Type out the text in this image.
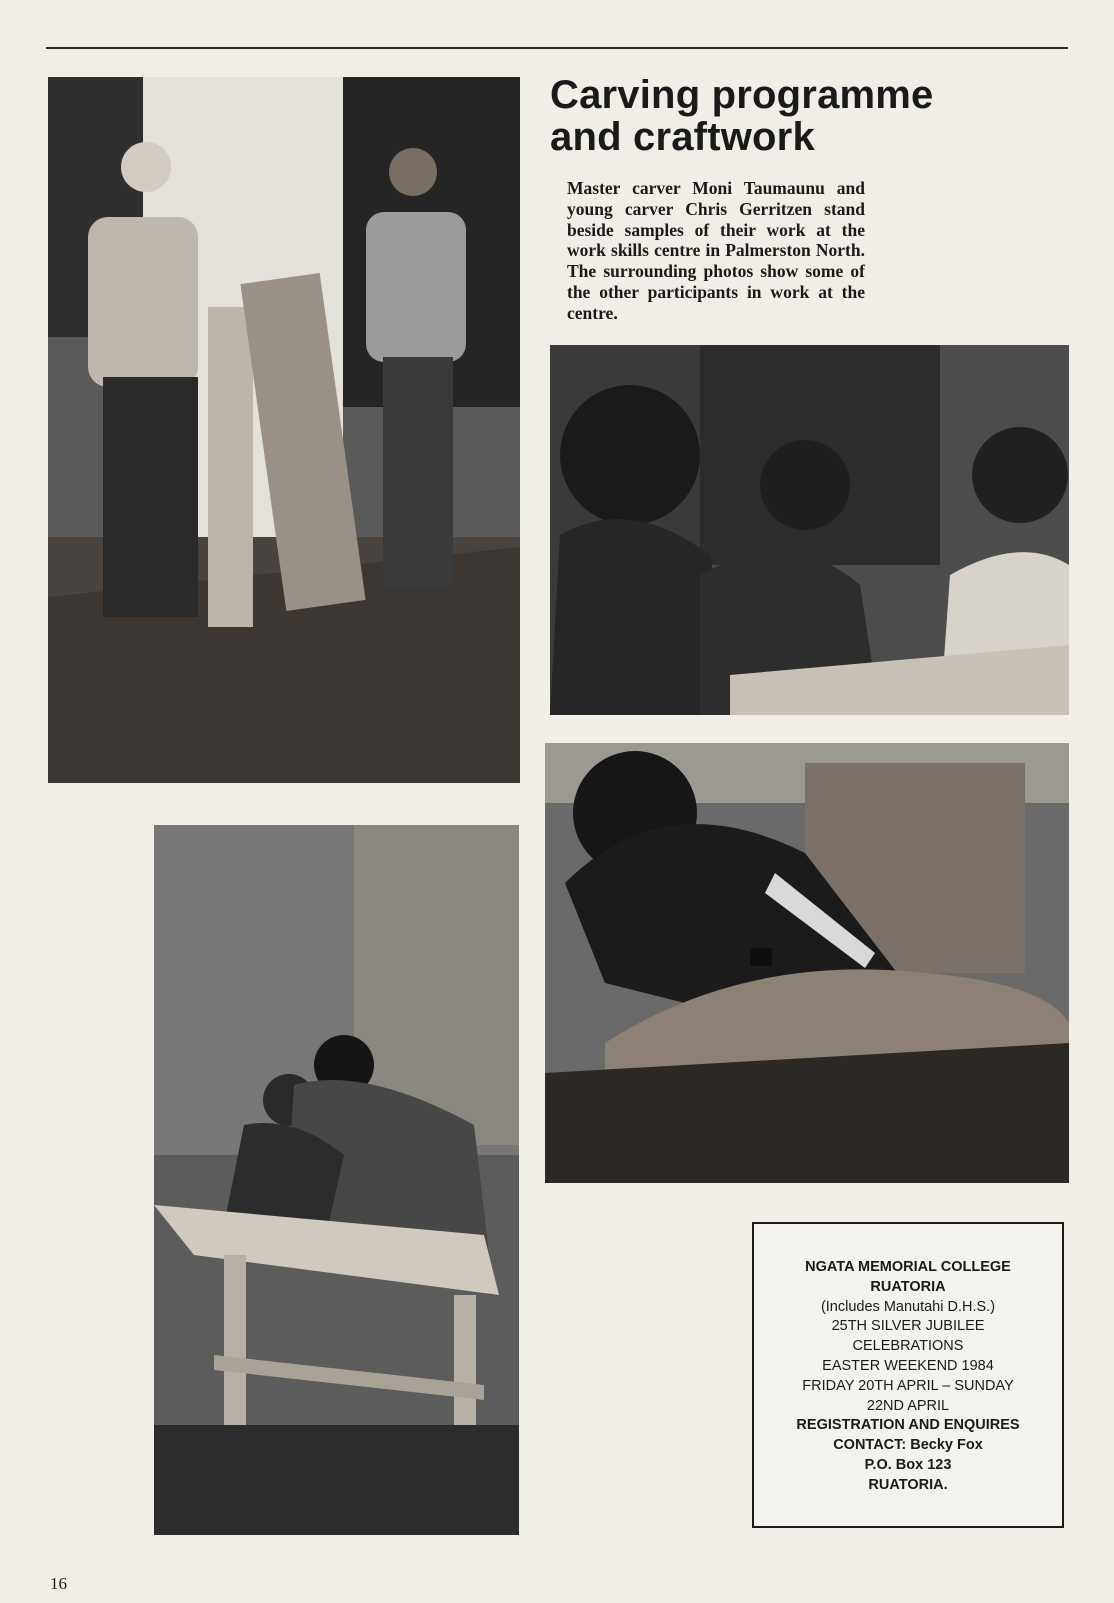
Carving programme
and craftwork

Master carver Moni Taumaunu and young carver Chris Gerritzen stand beside samples of their work at the work skills centre in Palmerston North. The surrounding photos show some of the other participants in work at the centre.

NGATA MEMORIAL COLLEGE
RUATORIA
(Includes Manutahi D.H.S.)
25TH SILVER JUBILEE
CELEBRATIONS
EASTER WEEKEND 1984
FRIDAY 20TH APRIL – SUNDAY
22ND APRIL
REGISTRATION AND ENQUIRES
CONTACT: Becky Fox
P.O. Box 123
RUATORIA.
16
